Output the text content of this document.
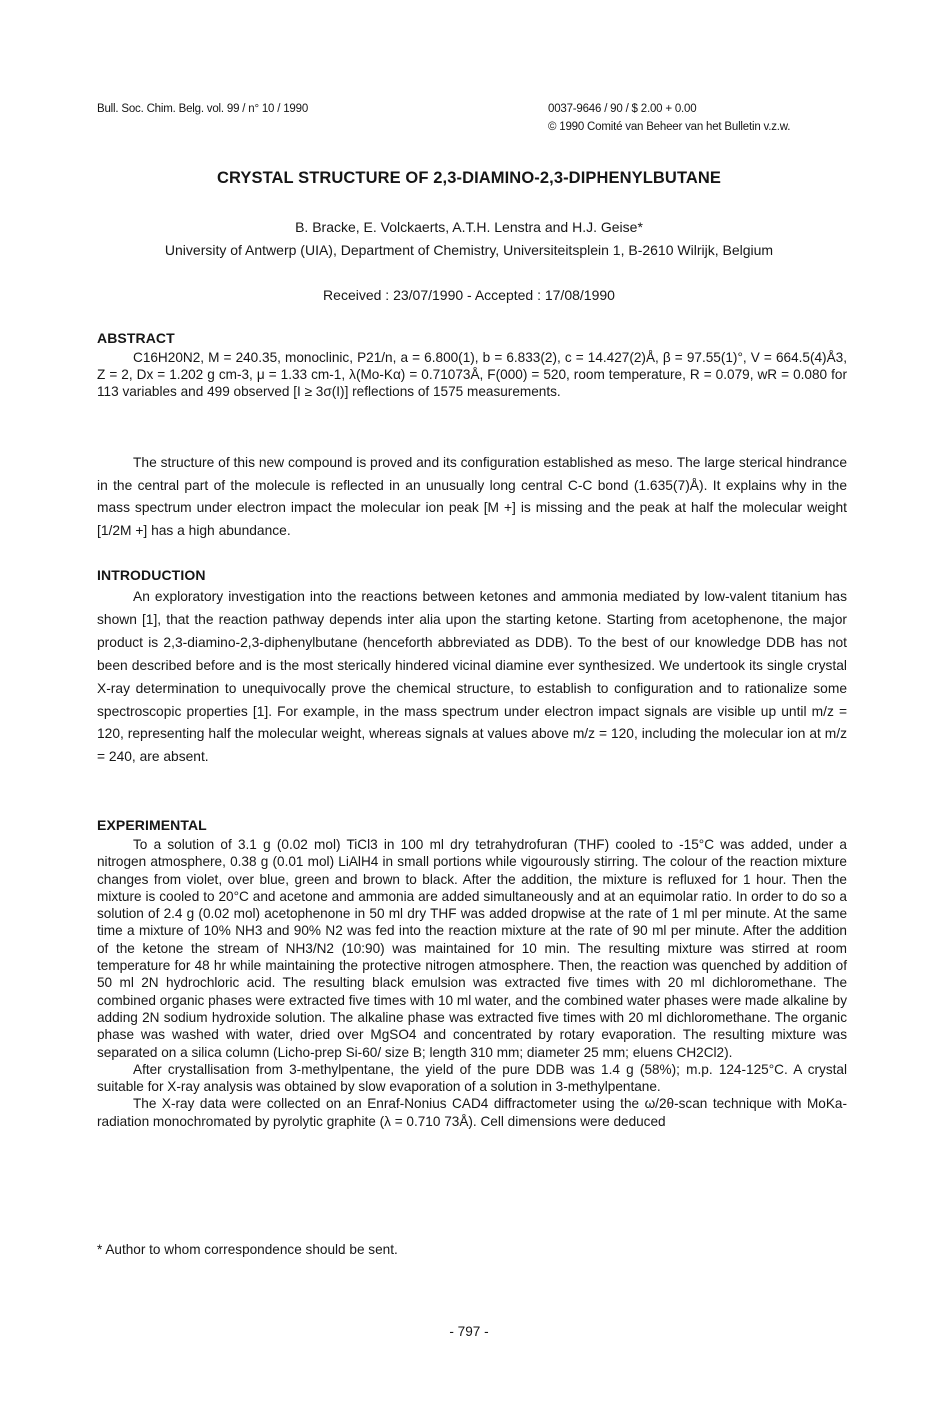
Bull. Soc. Chim. Belg. vol. 99 / n° 10 / 1990	0037-9646 / 90 / $ 2.00 + 0.00
© 1990 Comité van Beheer van het Bulletin v.z.w.
CRYSTAL STRUCTURE OF 2,3-DIAMINO-2,3-DIPHENYLBUTANE
B. Bracke, E. Volckaerts, A.T.H. Lenstra and H.J. Geise*
University of Antwerp (UIA), Department of Chemistry, Universiteitsplein 1, B-2610 Wilrijk, Belgium
Received : 23/07/1990 - Accepted : 17/08/1990
ABSTRACT

C16H20N2, M = 240.35, monoclinic, P21/n, a = 6.800(1), b = 6.833(2), c = 14.427(2)Å, β = 97.55(1)°, V = 664.5(4)Å3, Z = 2, Dx = 1.202 g cm-3, μ = 1.33 cm-1, λ(Mo-Kα) = 0.71073Å, F(000) = 520, room temperature, R = 0.079, wR = 0.080 for 113 variables and 499 observed [I ≥ 3σ(I)] reflections of 1575 measurements.

The structure of this new compound is proved and its configuration established as meso. The large sterical hindrance in the central part of the molecule is reflected in an unusually long central C-C bond (1.635(7)Å). It explains why in the mass spectrum under electron impact the molecular ion peak [M +] is missing and the peak at half the molecular weight [1/2M +] has a high abundance.

INTRODUCTION

An exploratory investigation into the reactions between ketones and ammonia mediated by low-valent titanium has shown [1], that the reaction pathway depends inter alia upon the starting ketone. Starting from acetophenone, the major product is 2,3-diamino-2,3-diphenylbutane (henceforth abbreviated as DDB). To the best of our knowledge DDB has not been described before and is the most sterically hindered vicinal diamine ever synthesized. We undertook its single crystal X-ray determination to unequivocally prove the chemical structure, to establish to configuration and to rationalize some spectroscopic properties [1]. For example, in the mass spectrum under electron impact signals are visible up until m/z = 120, representing half the molecular weight, whereas signals at values above m/z = 120, including the molecular ion at m/z = 240, are absent.

EXPERIMENTAL

To a solution of 3.1 g (0.02 mol) TiCl3 in 100 ml dry tetrahydrofuran (THF) cooled to -15°C was added, under a nitrogen atmosphere, 0.38 g (0.01 mol) LiAlH4 in small portions while vigourously stirring. The colour of the reaction mixture changes from violet, over blue, green and brown to black. After the addition, the mixture is refluxed for 1 hour. Then the mixture is cooled to 20°C and acetone and ammonia are added simultaneously and at an equimolar ratio. In order to do so a solution of 2.4 g (0.02 mol) acetophenone in 50 ml dry THF was added dropwise at the rate of 1 ml per minute. At the same time a mixture of 10% NH3 and 90% N2 was fed into the reaction mixture at the rate of 90 ml per minute. After the addition of the ketone the stream of NH3/N2 (10:90) was maintained for 10 min. The resulting mixture was stirred at room temperature for 48 hr while maintaining the protective nitrogen atmosphere. Then, the reaction was quenched by addition of 50 ml 2N hydrochloric acid. The resulting black emulsion was extracted five times with 20 ml dichloromethane. The combined organic phases were extracted five times with 10 ml water, and the combined water phases were made alkaline by adding 2N sodium hydroxide solution. The alkaline phase was extracted five times with 20 ml dichloromethane. The organic phase was washed with water, dried over MgSO4 and concentrated by rotary evaporation. The resulting mixture was separated on a silica column (Licho-prep Si-60/ size B; length 310 mm; diameter 25 mm; eluens CH2Cl2).

After crystallisation from 3-methylpentane, the yield of the pure DDB was 1.4 g (58%); m.p. 124-125°C. A crystal suitable for X-ray analysis was obtained by slow evaporation of a solution in 3-methylpentane.

The X-ray data were collected on an Enraf-Nonius CAD4 diffractometer using the ω/2θ-scan technique with MoKa-radiation monochromated by pyrolytic graphite (λ = 0.710 73Å). Cell dimensions were deduced

* Author to whom correspondence should be sent.
- 797 -
